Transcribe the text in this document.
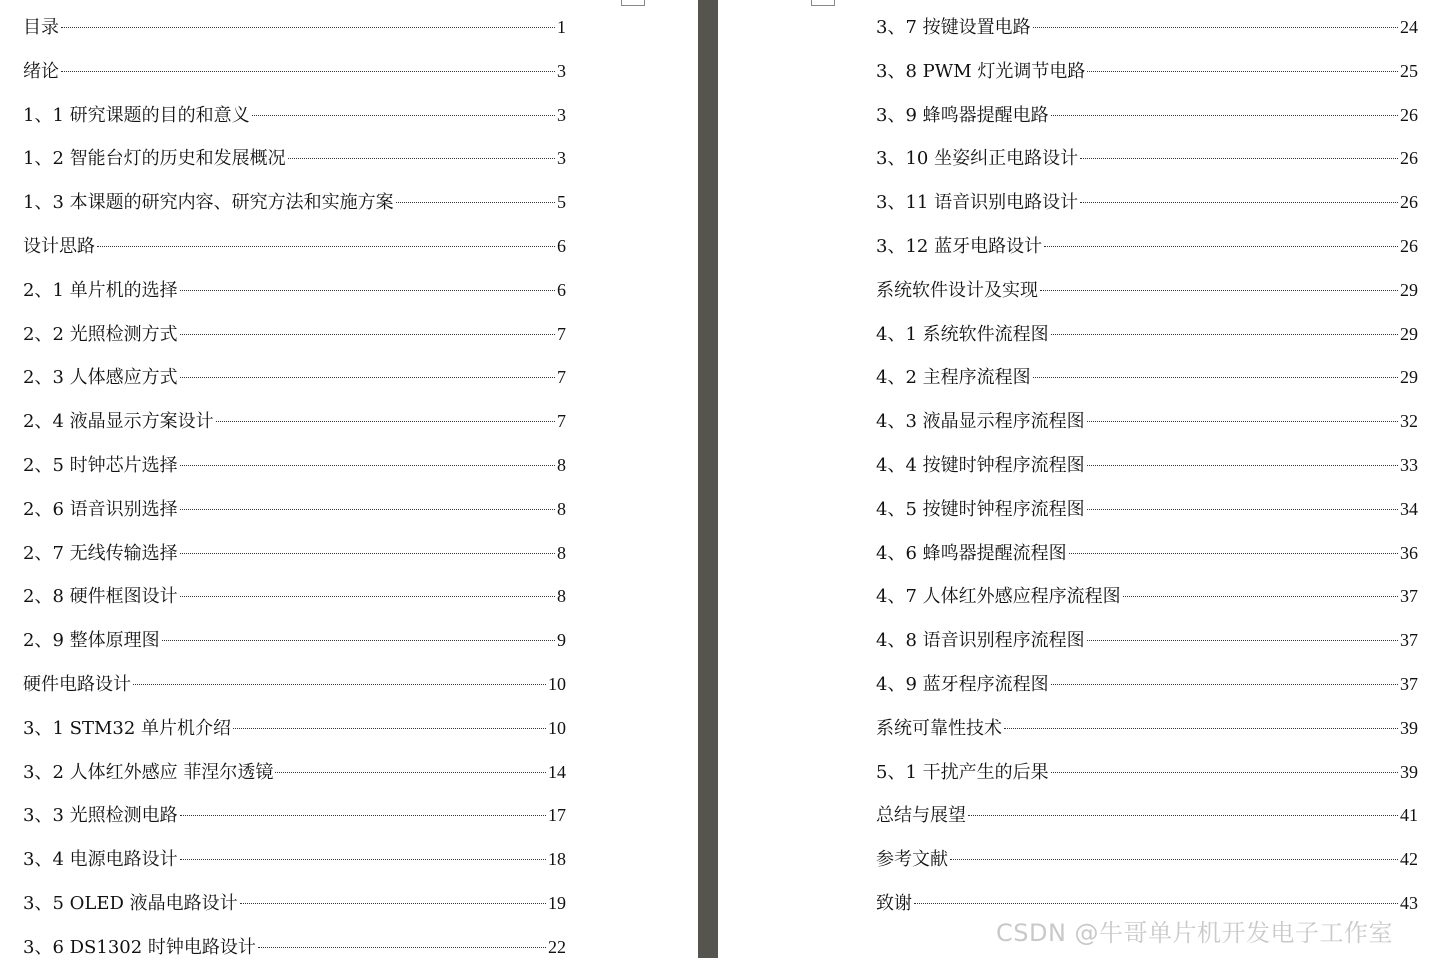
目录	1
绪论	3
1、1 研究课题的目的和意义	3
1、2 智能台灯的历史和发展概况	3
1、3 本课题的研究内容、研究方法和实施方案	5
设计思路	6
2、1 单片机的选择	6
2、2 光照检测方式	7
2、3 人体感应方式	7
2、4 液晶显示方案设计	7
2、5 时钟芯片选择	8
2、6 语音识别选择	8
2、7 无线传输选择	8
2、8 硬件框图设计	8
2、9 整体原理图	9
硬件电路设计	10
3、1 STM32 单片机介绍	10
3、2 人体红外感应 菲涅尔透镜	14
3、3 光照检测电路	17
3、4 电源电路设计	18
3、5 OLED 液晶电路设计	19
3、6 DS1302 时钟电路设计	22
3、7 按键设置电路	24
3、8 PWM 灯光调节电路	25
3、9 蜂鸣器提醒电路	26
3、10 坐姿纠正电路设计	26
3、11 语音识别电路设计	26
3、12 蓝牙电路设计	26
系统软件设计及实现	29
4、1 系统软件流程图	29
4、2 主程序流程图	29
4、3 液晶显示程序流程图	32
4、4 按键时钟程序流程图	33
4、5 按键时钟程序流程图	34
4、6 蜂鸣器提醒流程图	36
4、7 人体红外感应程序流程图	37
4、8 语音识别程序流程图	37
4、9 蓝牙程序流程图	37
系统可靠性技术	39
5、1 干扰产生的后果	39
总结与展望	41
参考文献	42
致谢	43
CSDN @牛哥单片机开发电子工作室
